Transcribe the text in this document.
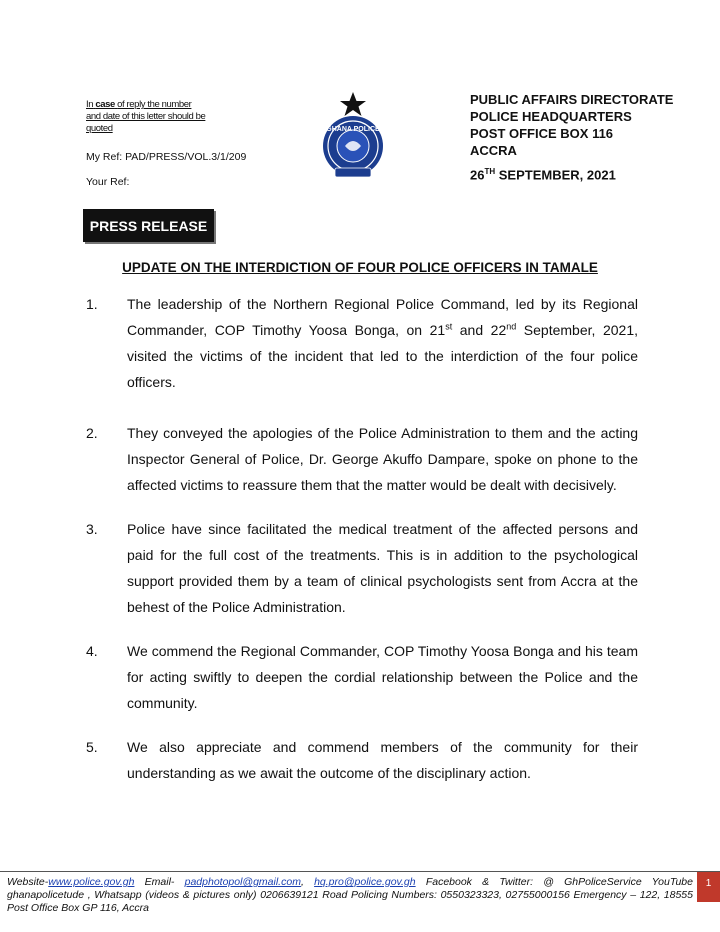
In case of reply the number and date of this letter should be quoted
My Ref: PAD/PRESS/VOL.3/1/209
Your Ref:
GHANA POLICE
PUBLIC AFFAIRS DIRECTORATE
POLICE HEADQUARTERS
POST OFFICE BOX 116
ACCRA
26TH SEPTEMBER, 2021
PRESS RELEASE
UPDATE ON THE INTERDICTION OF FOUR POLICE OFFICERS IN TAMALE
1.	The leadership of the Northern Regional Police Command, led by its Regional Commander, COP Timothy Yoosa Bonga, on 21st and 22nd September, 2021, visited the victims of the incident that led to the interdiction of the four police officers.
2.	They conveyed the apologies of the Police Administration to them and the acting Inspector General of Police, Dr. George Akuffo Dampare, spoke on phone to the affected victims to reassure them that the matter would be dealt with decisively.
3.	Police have since facilitated the medical treatment of the affected persons and paid for the full cost of the treatments. This is in addition to the psychological support provided them by a team of clinical psychologists sent from Accra at the behest of the Police Administration.
4.	We commend the Regional Commander, COP Timothy Yoosa Bonga and his team for acting swiftly to deepen the cordial relationship between the Police and the community.
5.	We also appreciate and commend members of the community for their understanding as we await the outcome of the disciplinary action.
Website-www.police.gov.gh Email- padphotopol@gmail.com, hq.pro@police.gov.gh Facebook & Twitter: @ GhPoliceService YouTube ghanapolicetude , Whatsapp (videos & pictures only) 0206639121 Road Policing Numbers: 0550323323, 02755000156 Emergency – 122, 18555 Post Office Box GP 116, Accra
1
